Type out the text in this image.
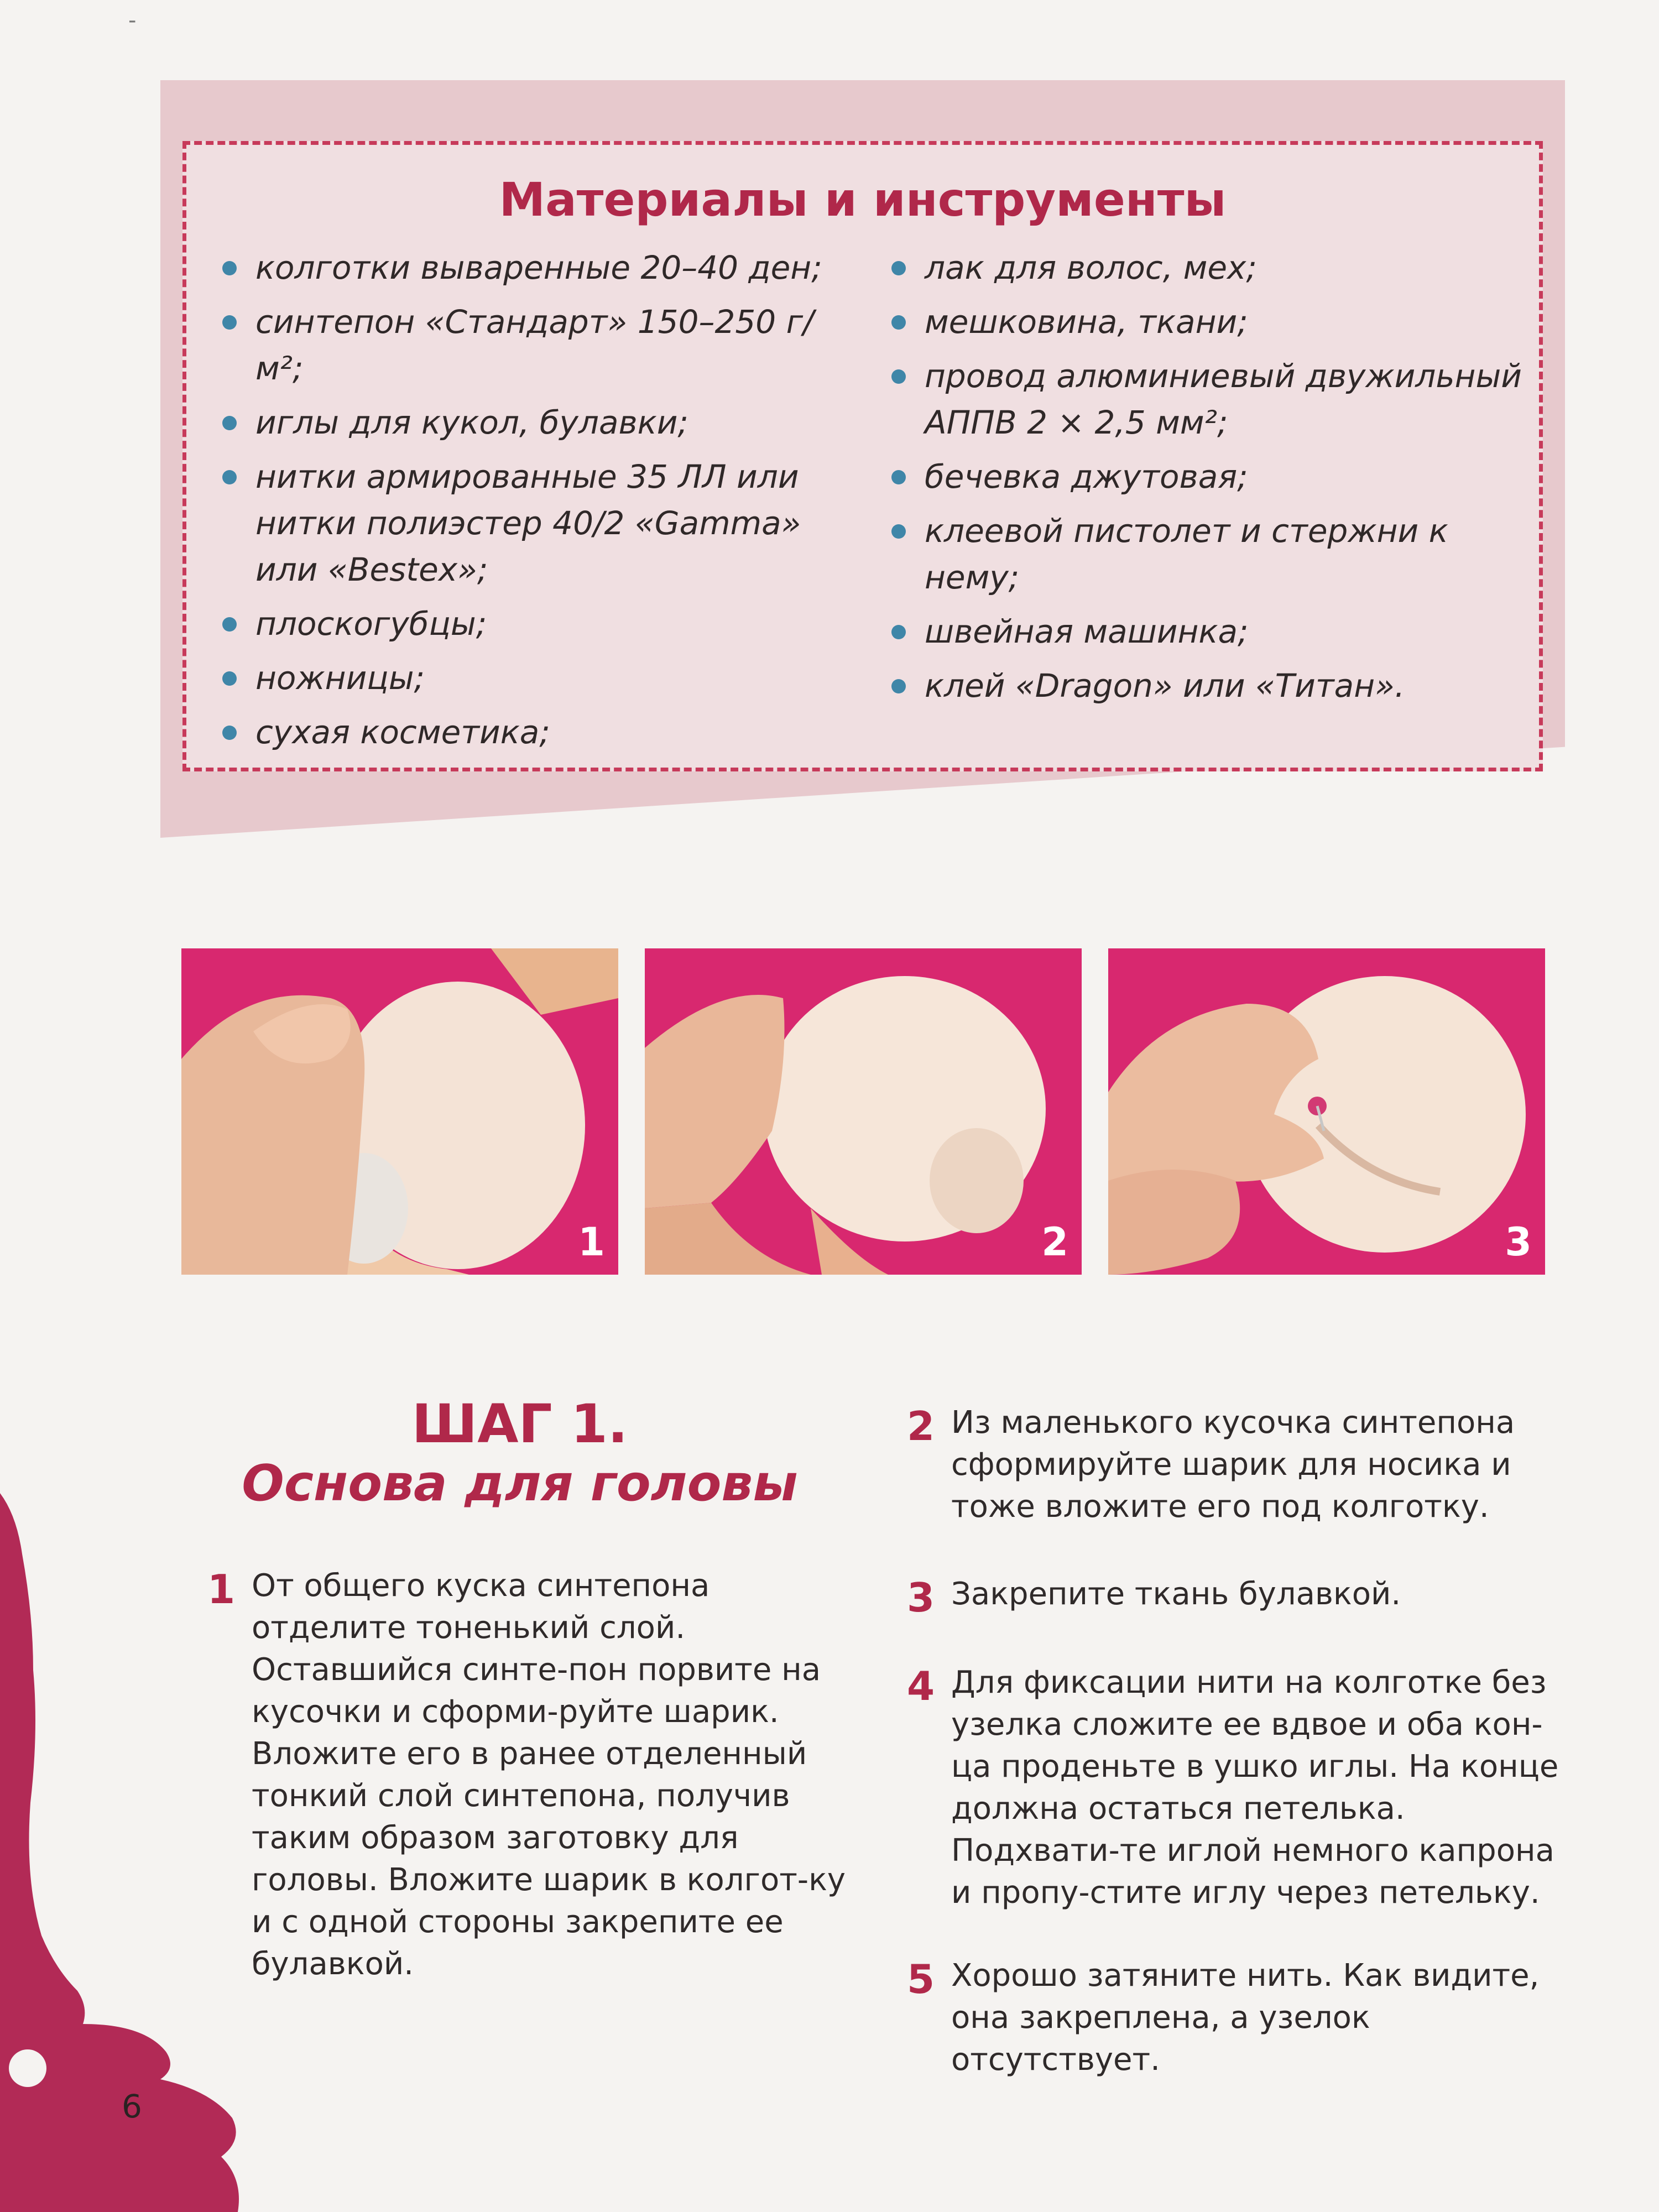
-
Материалы и инструменты
колготки вываренные 20–40 ден;
синтепон «Стандарт» 150–250 г/м²;
иглы для кукол, булавки;
нитки армированные 35 ЛЛ или нитки полиэстер 40/2 «Gamma» или «Bestex»;
плоскогубцы;
ножницы;
сухая косметика;
лак для волос, мех;
мешковина, ткани;
провод алюминиевый двужильный АППВ 2 × 2,5 мм²;
бечевка джутовая;
клеевой пистолет и стержни к нему;
швейная машинка;
клей «Dragon» или «Титан».
1	2	3
ШАГ 1.
Основа для головы
1 От общего куска синтепона отделите тоненький слой. Оставшийся синте-пон порвите на кусочки и сформи-руйте шарик. Вложите его в ранее отделенный тонкий слой синтепона, получив таким образом заготовку для головы. Вложите шарик в колгот-ку и с одной стороны закрепите ее булавкой.
2 Из маленького кусочка синтепона сформируйте шарик для носика и тоже вложите его под колготку.
3 Закрепите ткань булавкой.
4 Для фиксации нити на колготке без узелка сложите ее вдвое и оба кон-ца проденьте в ушко иглы. На конце должна остаться петелька. Подхвати-те иглой немного капрона и пропу-стите иглу через петельку.
5 Хорошо затяните нить. Как видите, она закреплена, а узелок отсутствует.
6
